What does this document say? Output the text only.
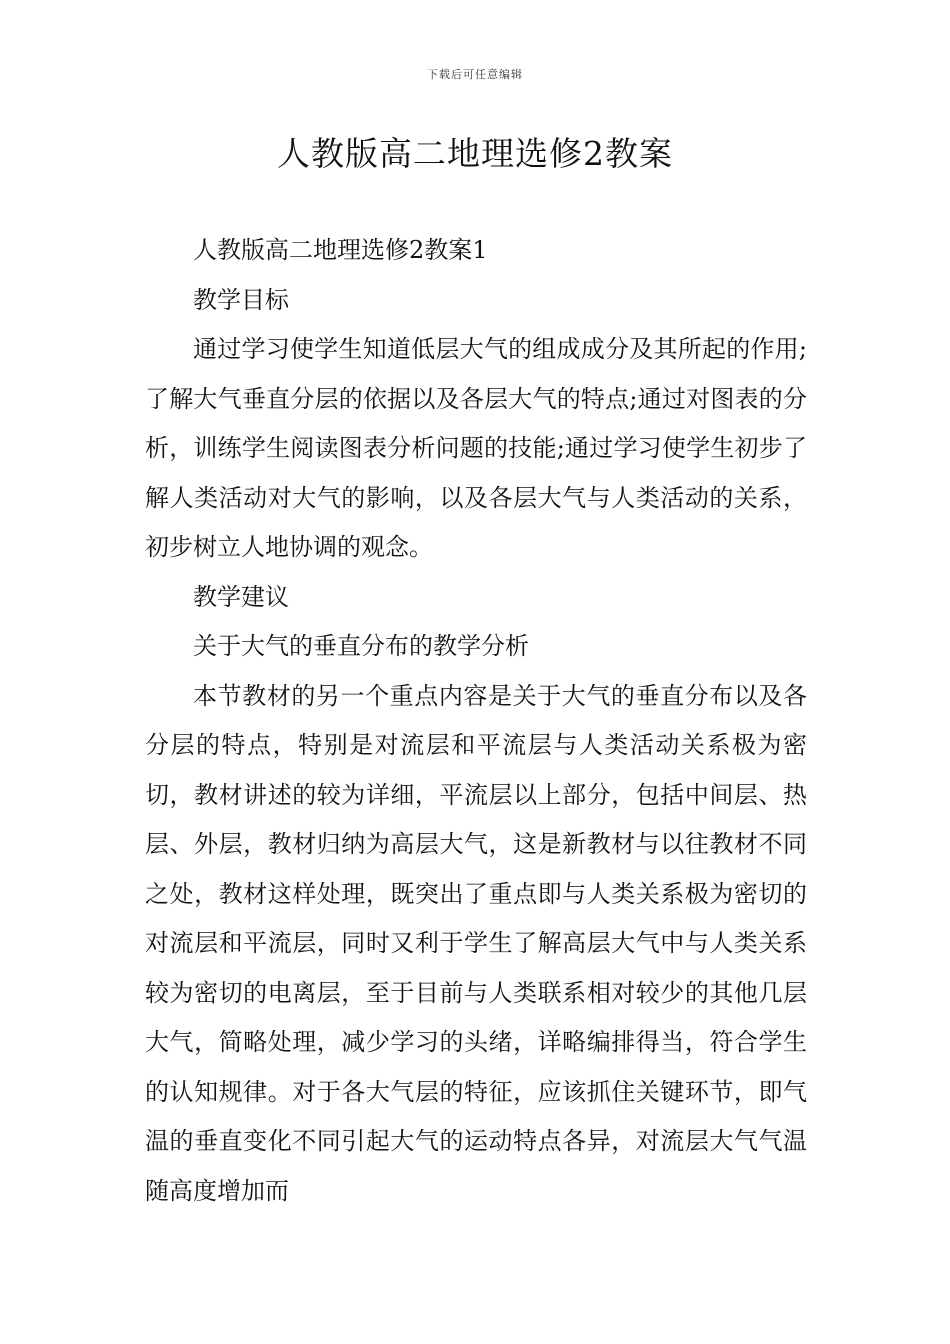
下载后可任意编辑
人教版高二地理选修2教案

人教版高二地理选修2教案1

教学目标

通过学习使学生知道低层大气的组成成分及其所起的作用;了解大气垂直分层的依据以及各层大气的特点;通过对图表的分析，训练学生阅读图表分析问题的技能;通过学习使学生初步了解人类活动对大气的影响，以及各层大气与人类活动的关系，初步树立人地协调的观念。

教学建议

关于大气的垂直分布的教学分析

本节教材的另一个重点内容是关于大气的垂直分布以及各分层的特点，特别是对流层和平流层与人类活动关系极为密切，教材讲述的较为详细，平流层以上部分，包括中间层、热层、外层，教材归纳为高层大气，这是新教材与以往教材不同之处，教材这样处理，既突出了重点即与人类关系极为密切的对流层和平流层，同时又利于学生了解高层大气中与人类关系较为密切的电离层，至于目前与人类联系相对较少的其他几层大气，简略处理，减少学习的头绪，详略编排得当，符合学生的认知规律。对于各大气层的特征，应该抓住关键环节，即气温的垂直变化不同引起大气的运动特点各异，对流层大气气温随高度增加而
